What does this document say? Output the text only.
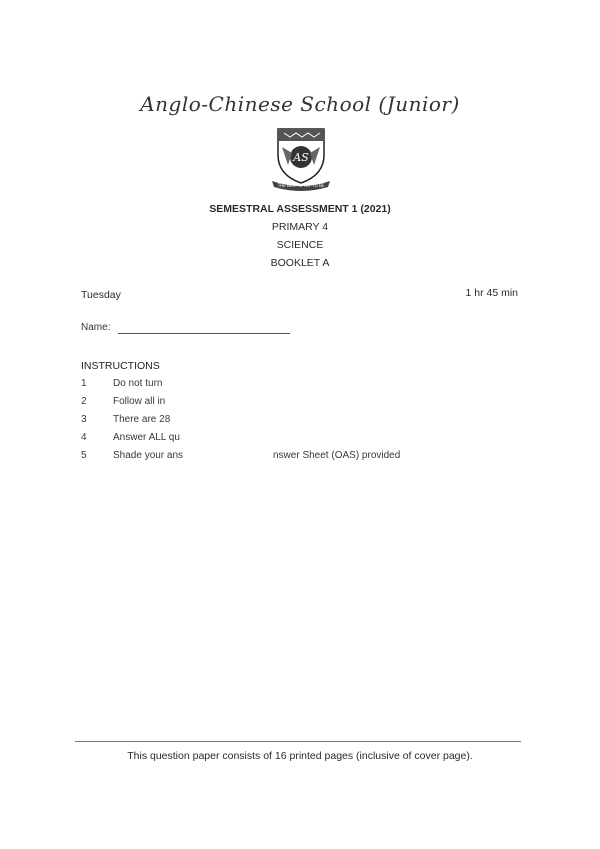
Anglo-Chinese School (Junior)
AS
THE BEST IS YET TO BE
SEMESTRAL ASSESSMENT 1 (2021)
PRIMARY 4
SCIENCE
BOOKLET A
Tuesday	1 hr 45 min
Name:
INSTRUCTIONS
1	Do not turn
2	Follow all in
3	There are 28
4	Answer ALL qu
5	Shade your ans	nswer Sheet (OAS) provided
This question paper consists of 16 printed pages (inclusive of cover page).
